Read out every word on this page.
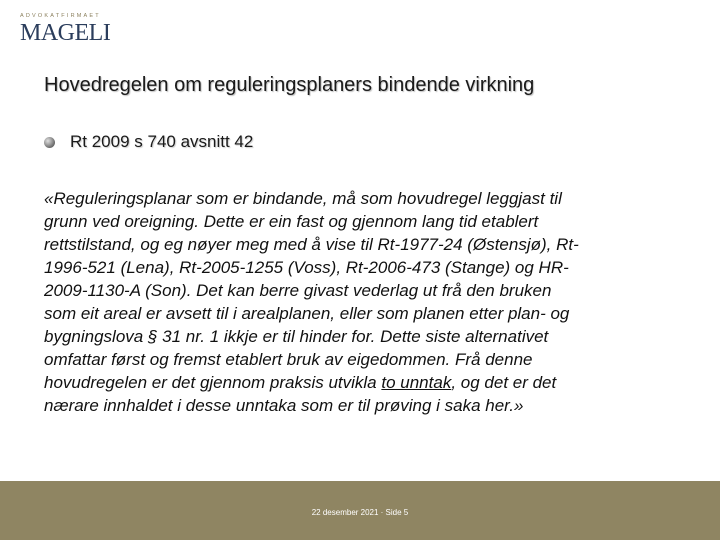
ADVOKATFIRMAET
MAGELI
Hovedregelen om reguleringsplaners bindende virkning
Rt 2009 s 740 avsnitt 42
«Reguleringsplanar som er bindande, må som hovudregel leggjast til
grunn ved oreigning. Dette er ein fast og gjennom lang tid etablert
rettstilstand, og eg nøyer meg med å vise til Rt-1977-24 (Østensjø), Rt-
1996-521 (Lena), Rt-2005-1255 (Voss), Rt-2006-473 (Stange) og HR-
2009-1130-A (Son). Det kan berre givast vederlag ut frå den bruken
som eit areal er avsett til i arealplanen, eller som planen etter plan- og
bygningslova § 31 nr. 1 ikkje er til hinder for. Dette siste alternativet
omfattar først og fremst etablert bruk av eigedommen. Frå denne
hovudregelen er det gjennom praksis utvikla to unntak, og det er det
nærare innhaldet i desse unntaka som er til prøving i saka her.»
22 desember 2021 · Side 5
